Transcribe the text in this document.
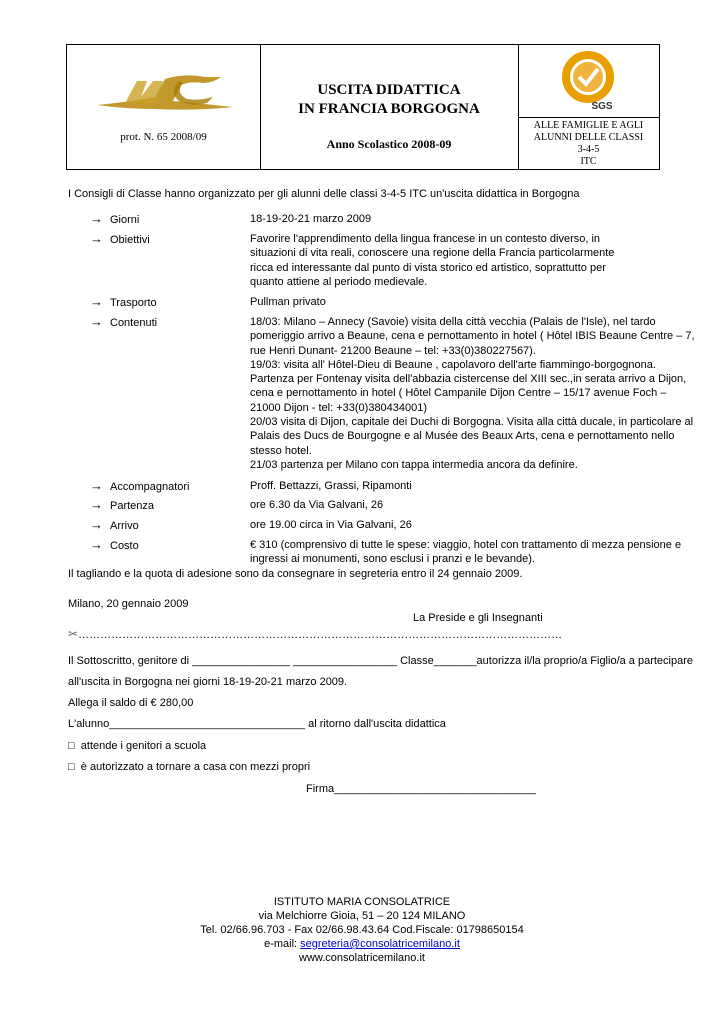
prot. N. 65 2008/09
USCITA DIDATTICA
IN FRANCIA BORGOGNA
Anno Scolastico 2008-09
SGS
ALLE FAMIGLIE E AGLI
ALUNNI DELLE CLASSI
3-4-5
ITC
I Consigli di Classe hanno organizzato per gli alunni delle classi 3-4-5 ITC un'uscita didattica in Borgogna
→ Giorni	18-19-20-21 marzo 2009
→ Obiettivi	Favorire l'apprendimento della lingua francese in un contesto diverso, in
situazioni di vita reali, conoscere una regione della Francia particolarmente
ricca ed interessante dal punto di vista storico ed artistico, soprattutto per
quanto attiene al periodo medievale.
→ Trasporto	Pullman privato
→ Contenuti	18/03: Milano – Annecy (Savoie) visita della città vecchia (Palais de l'Isle), nel tardo
pomeriggio arrivo a Beaune, cena e pernottamento in hotel ( Hôtel IBIS Beaune Centre – 7,
rue Henri Dunant- 21200 Beaune – tel: +33(0)380227567).
19/03: visita all' Hôtel-Dieu di Beaune , capolavoro dell'arte fiammingo-borgognona.
Partenza per Fontenay visita dell'abbazia cistercense del XIII sec.,in serata arrivo a Dijon,
cena e pernottamento in hotel ( Hôtel Campanile Dijon Centre – 15/17 avenue Foch –
21000 Dijon - tel: +33(0)380434001)
20/03 visita di Dijon, capitale dei Duchi di Borgogna. Visita alla città ducale, in particolare al
Palais des Ducs de Bourgogne e al Musée des Beaux Arts, cena e pernottamento nello
stesso hotel.
21/03 partenza per Milano con tappa intermedia ancora da definire.
→ Accompagnatori	Proff. Bettazzi, Grassi, Ripamonti
→ Partenza	ore 6.30 da Via Galvani, 26
→ Arrivo	ore 19.00 circa in Via Galvani, 26
→ Costo	€ 310 (comprensivo di tutte le spese: viaggio, hotel con trattamento di mezza pensione e
ingressi ai monumenti, sono esclusi i pranzi e le bevande).
Il tagliando e la quota di adesione sono da consegnare in segreteria entro il 24 gennaio 2009.
Milano, 20 gennaio 2009
La Preside e gli Insegnanti
✂……………………………………………………………………………………………………………………
Il Sottoscritto, genitore di ________________ _________________ Classe_______autorizza il/la proprio/a Figlio/a a partecipare
all'uscita in Borgogna nei giorni 18-19-20-21 marzo 2009.
Allega il saldo di € 280,00
L'alunno________________________________ al ritorno dall'uscita didattica
□ attende i genitori a scuola
□ è autorizzato a tornare a casa con mezzi propri
Firma_________________________________
ISTITUTO MARIA CONSOLATRICE
via Melchiorre Gioia, 51 – 20 124 MILANO
Tel. 02/66.96.703 - Fax 02/66.98.43.64 Cod.Fiscale: 01798650154
e-mail: segreteria@consolatricemilano.it
www.consolatricemilano.it
